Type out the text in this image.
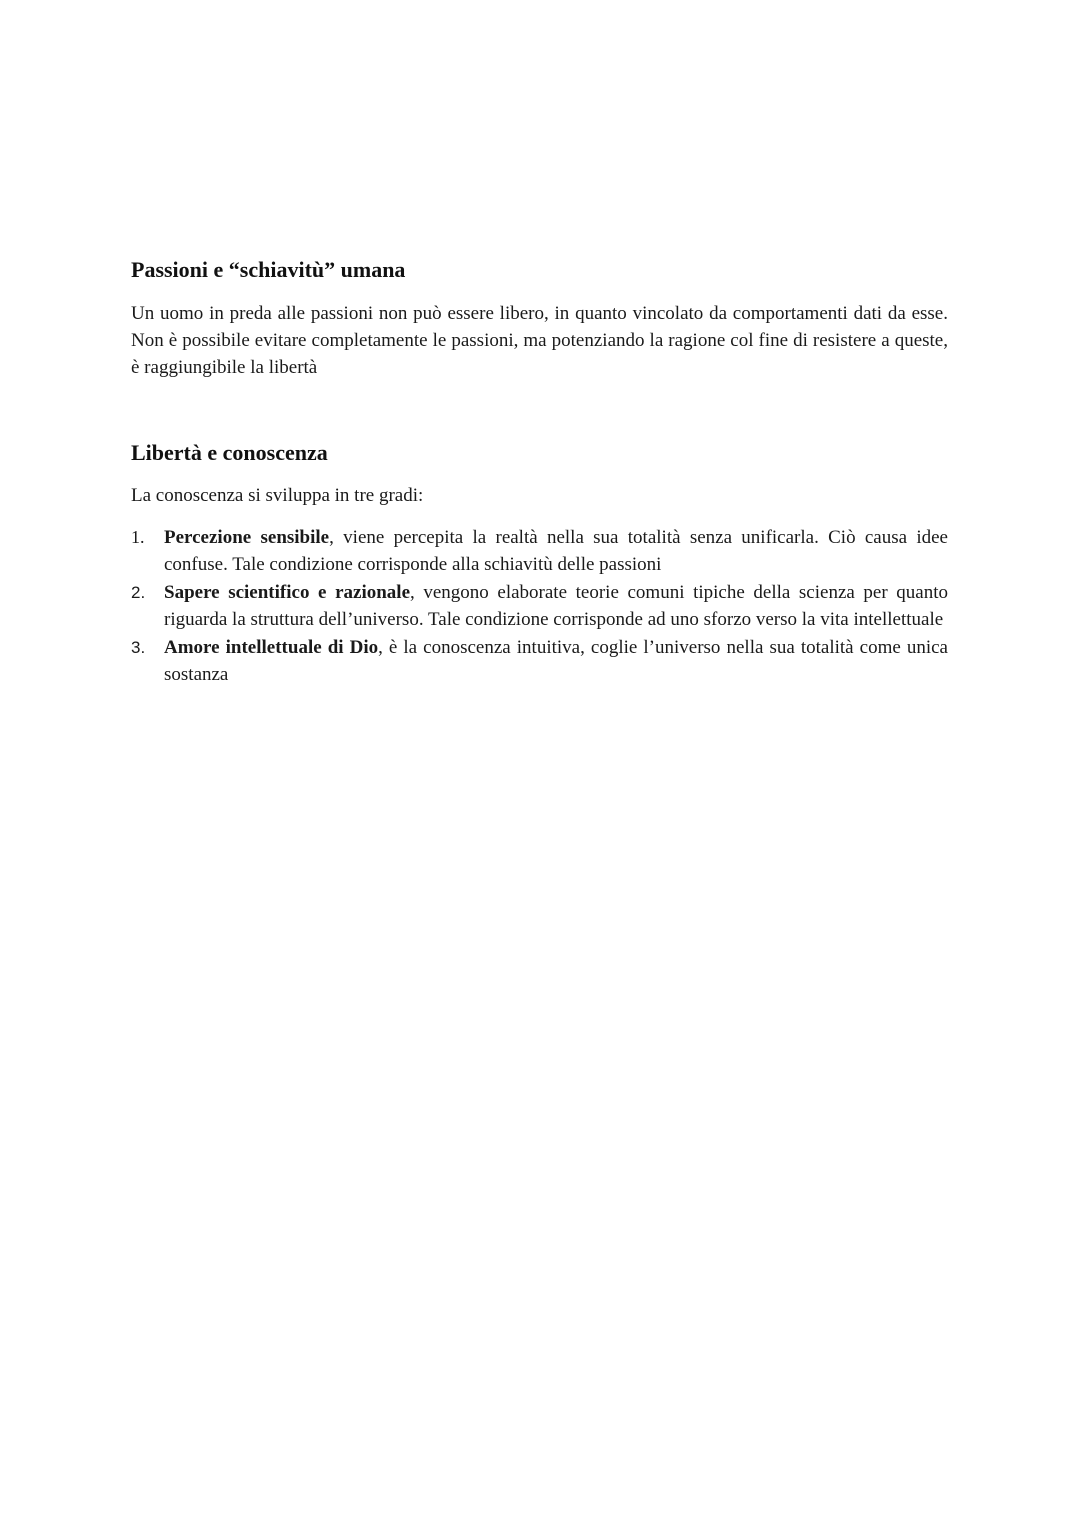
Passioni e “schiavitù” umana

Un uomo in preda alle passioni non può essere libero, in quanto vincolato da comportamenti dati da esse. Non è possibile evitare completamente le passioni, ma potenziando la ragione col fine di resistere a queste, è raggiungibile la libertà

Libertà e conoscenza

La conoscenza si sviluppa in tre gradi:

1. Percezione sensibile, viene percepita la realtà nella sua totalità senza unificarla. Ciò causa idee confuse. Tale condizione corrisponde alla schiavitù delle passioni
2. Sapere scientifico e razionale, vengono elaborate teorie comuni tipiche della scienza per quanto riguarda la struttura dell’universo. Tale condizione corrisponde ad uno sforzo verso la vita intellettuale
3. Amore intellettuale di Dio, è la conoscenza intuitiva, coglie l’universo nella sua totalità come unica sostanza
